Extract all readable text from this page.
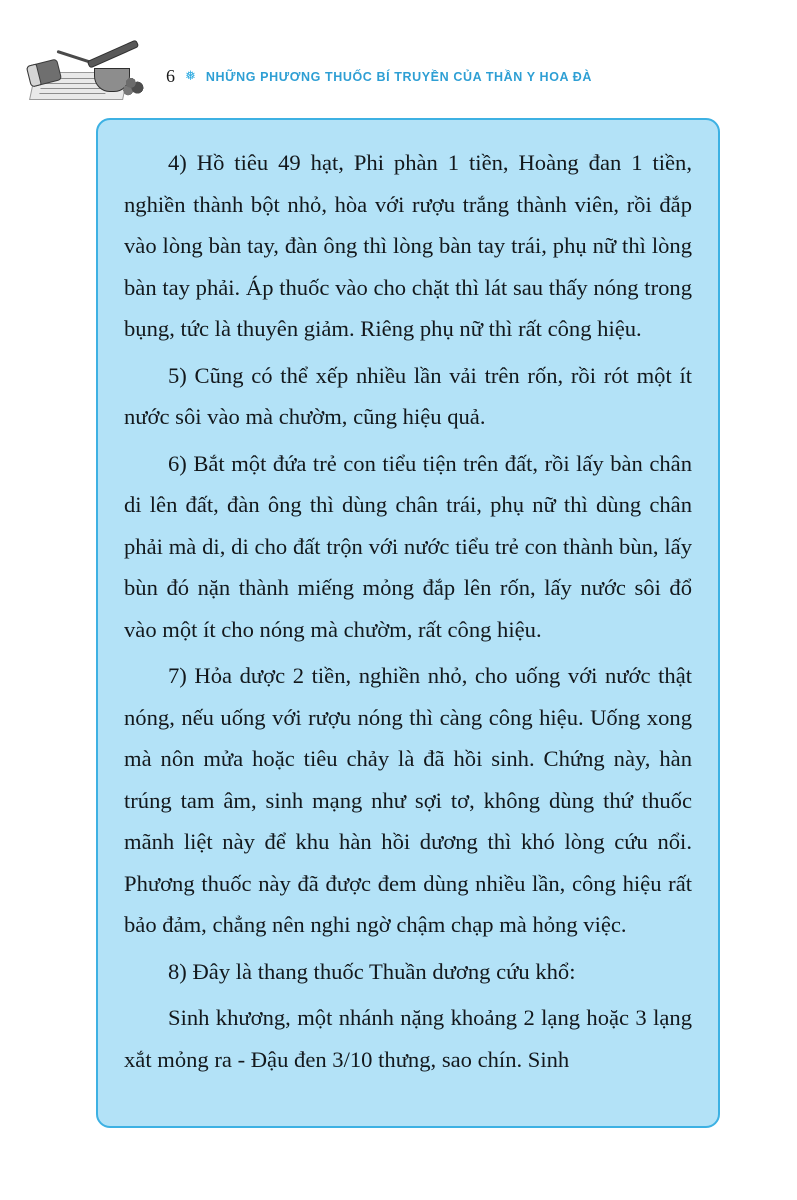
6 ❅ NHỮNG PHƯƠNG THUỐC BÍ TRUYỀN CỦA THẦN Y HOA ĐÀ

4) Hồ tiêu 49 hạt, Phi phàn 1 tiền, Hoàng đan 1 tiền, nghiền thành bột nhỏ, hòa với rượu trắng thành viên, rồi đắp vào lòng bàn tay, đàn ông thì lòng bàn tay trái, phụ nữ thì lòng bàn tay phải. Áp thuốc vào cho chặt thì lát sau thấy nóng trong bụng, tức là thuyên giảm. Riêng phụ nữ thì rất công hiệu.

5) Cũng có thể xếp nhiều lần vải trên rốn, rồi rót một ít nước sôi vào mà chườm, cũng hiệu quả.

6) Bắt một đứa trẻ con tiểu tiện trên đất, rồi lấy bàn chân di lên đất, đàn ông thì dùng chân trái, phụ nữ thì dùng chân phải mà di, di cho đất trộn với nước tiểu trẻ con thành bùn, lấy bùn đó nặn thành miếng mỏng đắp lên rốn, lấy nước sôi đổ vào một ít cho nóng mà chườm, rất công hiệu.

7) Hỏa dược 2 tiền, nghiền nhỏ, cho uống với nước thật nóng, nếu uống với rượu nóng thì càng công hiệu. Uống xong mà nôn mửa hoặc tiêu chảy là đã hồi sinh. Chứng này, hàn trúng tam âm, sinh mạng như sợi tơ, không dùng thứ thuốc mãnh liệt này để khu hàn hồi dương thì khó lòng cứu nổi. Phương thuốc này đã được đem dùng nhiều lần, công hiệu rất bảo đảm, chẳng nên nghi ngờ chậm chạp mà hỏng việc.

8) Đây là thang thuốc Thuần dương cứu khổ:

Sinh khương, một nhánh nặng khoảng 2 lạng hoặc 3 lạng xắt mỏng ra - Đậu đen 3/10 thưng, sao chín. Sinh
